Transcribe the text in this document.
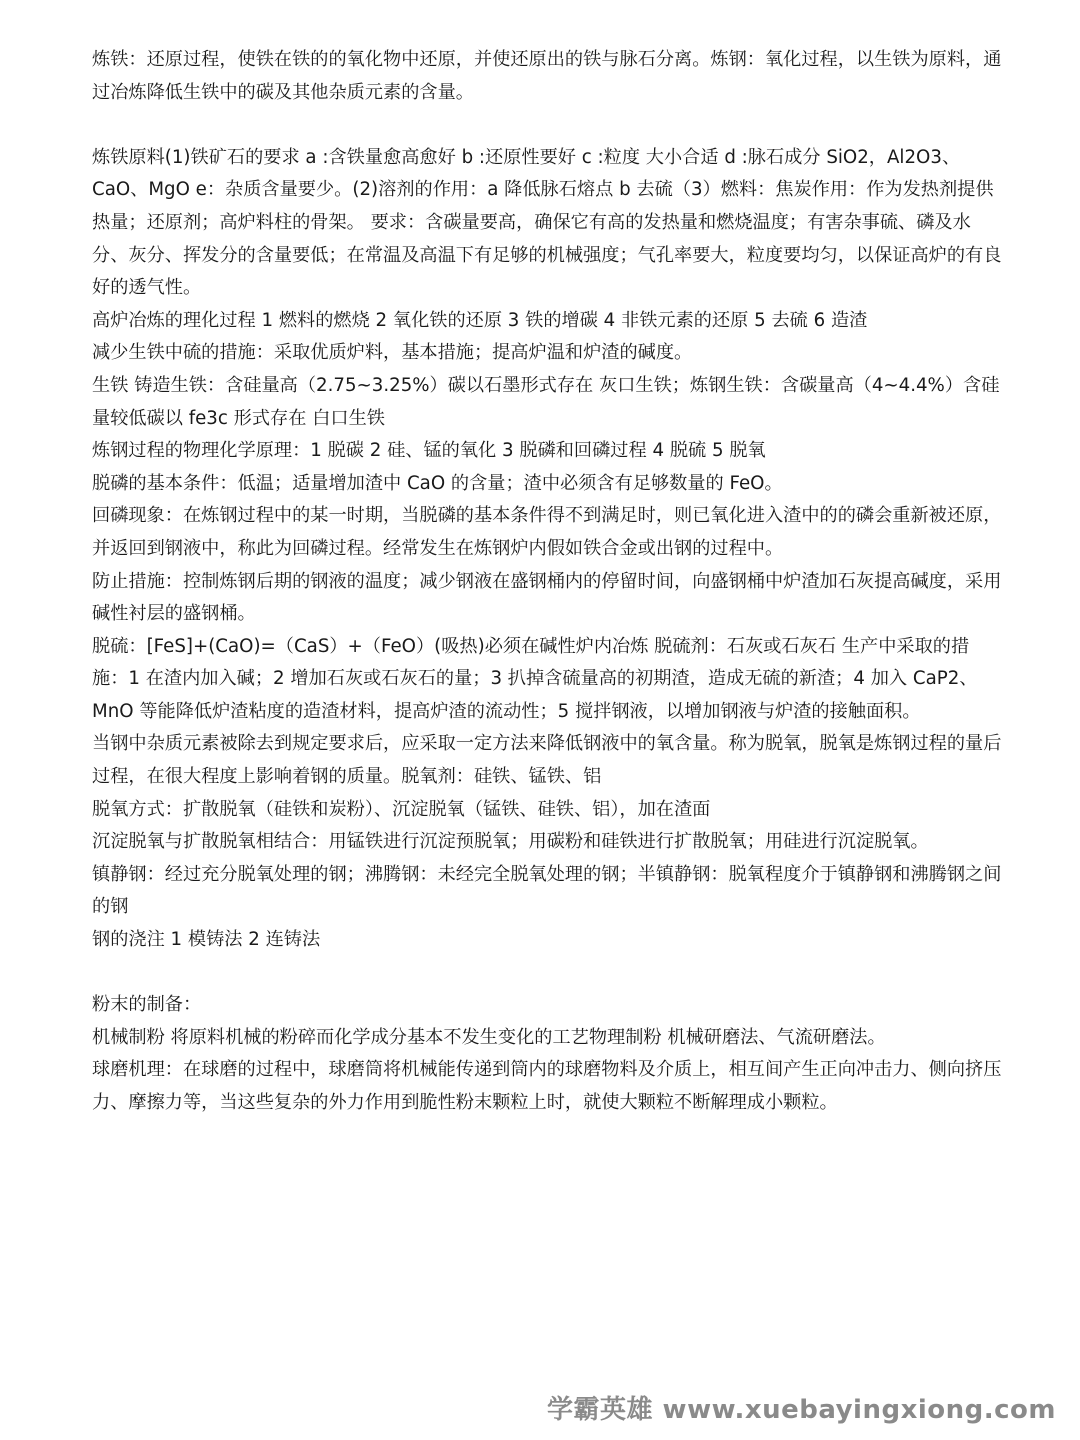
炼铁：还原过程，使铁在铁的的氧化物中还原，并使还原出的铁与脉石分离。炼钢：氧化过程，以生铁为原料，通过冶炼降低生铁中的碳及其他杂质元素的含量。

炼铁原料(1)铁矿石的要求 a :含铁量愈高愈好 b :还原性要好 c :粒度 大小合适 d :脉石成分 SiO2，Al2O3、CaO、MgO e：杂质含量要少。(2)溶剂的作用：a 降低脉石熔点 b 去硫（3）燃料：焦炭作用：作为发热剂提供热量；还原剂；高炉料柱的骨架。 要求：含碳量要高，确保它有高的发热量和燃烧温度；有害杂事硫、磷及水分、灰分、挥发分的含量要低；在常温及高温下有足够的机械强度；气孔率要大，粒度要均匀，以保证高炉的有良好的透气性。

高炉冶炼的理化过程 1 燃料的燃烧 2 氧化铁的还原 3 铁的增碳 4 非铁元素的还原 5 去硫 6 造渣

减少生铁中硫的措施：采取优质炉料，基本措施；提高炉温和炉渣的碱度。

生铁 铸造生铁：含硅量高（2.75~3.25%）碳以石墨形式存在 灰口生铁；炼钢生铁：含碳量高（4~4.4%）含硅量较低碳以 fe3c 形式存在 白口生铁

炼钢过程的物理化学原理：1 脱碳 2 硅、锰的氧化 3 脱磷和回磷过程 4 脱硫 5 脱氧

脱磷的基本条件：低温；适量增加渣中 CaO 的含量；渣中必须含有足够数量的 FeO。

回磷现象：在炼钢过程中的某一时期，当脱磷的基本条件得不到满足时，则已氧化进入渣中的的磷会重新被还原，并返回到钢液中，称此为回磷过程。经常发生在炼钢炉内假如铁合金或出钢的过程中。

防止措施：控制炼钢后期的钢液的温度；减少钢液在盛钢桶内的停留时间，向盛钢桶中炉渣加石灰提高碱度，采用碱性衬层的盛钢桶。

脱硫：[FeS]+(CaO)=（CaS）+（FeO）(吸热)必须在碱性炉内冶炼 脱硫剂：石灰或石灰石 生产中采取的措施：1 在渣内加入碱；2 增加石灰或石灰石的量；3 扒掉含硫量高的初期渣，造成无硫的新渣；4 加入 CaP2、MnO 等能降低炉渣粘度的造渣材料，提高炉渣的流动性；5 搅拌钢液，以增加钢液与炉渣的接触面积。

当钢中杂质元素被除去到规定要求后，应采取一定方法来降低钢液中的氧含量。称为脱氧，脱氧是炼钢过程的量后过程，在很大程度上影响着钢的质量。脱氧剂：硅铁、锰铁、铝

脱氧方式：扩散脱氧（硅铁和炭粉）、沉淀脱氧（锰铁、硅铁、铝），加在渣面

沉淀脱氧与扩散脱氧相结合：用锰铁进行沉淀预脱氧；用碳粉和硅铁进行扩散脱氧；用硅进行沉淀脱氧。

镇静钢：经过充分脱氧处理的钢；沸腾钢：未经完全脱氧处理的钢；半镇静钢：脱氧程度介于镇静钢和沸腾钢之间的钢

钢的浇注 1 模铸法 2 连铸法

粉末的制备：

机械制粉 将原料机械的粉碎而化学成分基本不发生变化的工艺物理制粉 机械研磨法、气流研磨法。

球磨机理：在球磨的过程中，球磨筒将机械能传递到筒内的球磨物料及介质上，相互间产生正向冲击力、侧向挤压力、摩擦力等，当这些复杂的外力作用到脆性粉末颗粒上时，就使大颗粒不断解理成小颗粒。

学霸英雄 www.xuebayingxiong.com
